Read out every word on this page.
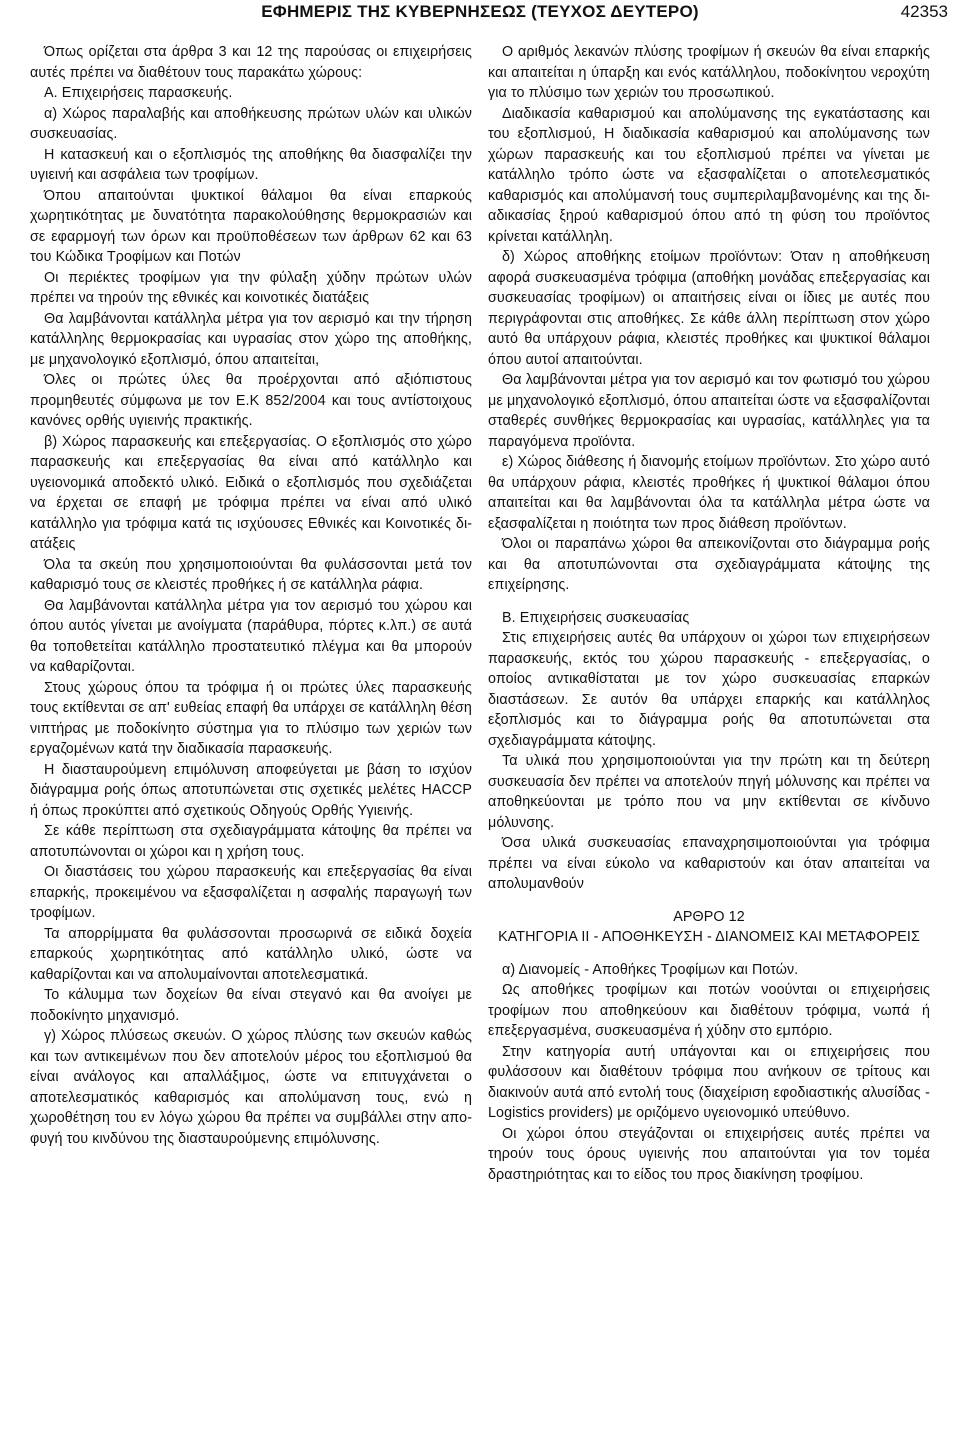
ΕΦΗΜΕΡΙΣ ΤΗΣ ΚΥΒΕΡΝΗΣΕΩΣ (ΤΕΥΧΟΣ ΔΕΥΤΕΡΟ)	42353

Όπως ορίζεται στα άρθρα 3 και 12 της παρούσας οι επιχειρήσεις αυτές πρέπει να διαθέτουν τους παρακάτω χώρους:

Α. Επιχειρήσεις παρασκευής.

α) Χώρος παραλαβής και αποθήκευσης πρώτων υλών και υλικών συσκευασίας.

Η κατασκευή και ο εξοπλισμός της αποθήκης θα διασφαλίζει την υγιεινή και ασφάλεια των τροφίμων.

Όπου απαιτούνται ψυκτικοί θάλαμοι θα είναι επαρκούς χωρητικότητας με δυνατότητα παρακολούθησης θερμοκρασιών και σε εφαρμογή των όρων και προϋποθέσεων των άρθρων 62 και 63 του Κώδικα Τροφίμων και Ποτών

Οι περιέκτες τροφίμων για την φύλαξη χύδην πρώτων υλών πρέπει να τηρούν της εθνικές και κοινοτικές διατάξεις

Θα λαμβάνονται κατάλληλα μέτρα για τον αερισμό και την τήρηση κατάλληλης θερμοκρασίας και υγρασίας στον χώρο της αποθήκης, με μηχανολογικό εξοπλισμό, όπου απαιτείται,

Όλες οι πρώτες ύλες θα προέρχονται από αξιόπιστους προμηθευτές σύμφωνα με τον Ε.Κ 852/2004 και τους αντίστοιχους κανόνες ορθής υγιεινής πρακτικής.

β) Χώρος παρασκευής και επεξεργασίας. Ο εξοπλισμός στο χώρο παρασκευής και επεξεργασίας θα είναι από κατάλληλο και υγειονομικά αποδεκτό υλικό. Ειδικά ο εξοπλισμός που σχεδιάζεται να έρχεται σε επαφή με τρόφιμα πρέπει να είναι από υλικό κατάλληλο για τρόφιμα κατά τις ισχύουσες Εθνικές και Κοινοτικές διατάξεις

Όλα τα σκεύη που χρησιμοποιούνται θα φυλάσσονται μετά τον καθαρισμό τους σε κλειστές προθήκες ή σε κατάλληλα ράφια.

Θα λαμβάνονται κατάλληλα μέτρα για τον αερισμό του χώρου και όπου αυτός γίνεται με ανοίγματα (παράθυρα, πόρτες κ.λπ.) σε αυτά θα τοποθετείται κατάλληλο προστατευτικό πλέγμα και θα μπορούν να καθαρίζονται.

Στους χώρους όπου τα τρόφιμα ή οι πρώτες ύλες παρασκευής τους εκτίθενται σε απ' ευθείας επαφή θα υπάρχει σε κατάλληλη θέση νιπτήρας με ποδοκίνητο σύστημα για το πλύσιμο των χεριών των εργαζομένων κατά την διαδικασία παρασκευής.

Η διασταυρούμενη επιμόλυνση αποφεύγεται με βάση το ισχύον διάγραμμα ροής όπως αποτυπώνεται στις σχετικές μελέτες HACCP ή όπως προκύπτει από σχετικούς Οδηγούς Ορθής Υγιεινής.

Σε κάθε περίπτωση στα σχεδιαγράμματα κάτοψης θα πρέπει να αποτυπώνονται οι χώροι και η χρήση τους.

Οι διαστάσεις του χώρου παρασκευής και επεξεργασίας θα είναι επαρκής, προκειμένου να εξασφαλίζεται η ασφαλής παραγωγή των τροφίμων.

Τα απορρίμματα θα φυλάσσονται προσωρινά σε ειδικά δοχεία επαρκούς χωρητικότητας από κατάλληλο υλικό, ώστε να καθαρίζονται και να απολυμαίνονται αποτελεσματικά.

Το κάλυμμα των δοχείων θα είναι στεγανό και θα ανοίγει με ποδοκίνητο μηχανισμό.

γ) Χώρος πλύσεως σκευών. Ο χώρος πλύσης των σκευών καθώς και των αντικειμένων που δεν αποτελούν μέρος του εξοπλισμού θα είναι ανάλογος και απαλλάξιμος, ώστε να επιτυγχάνεται ο αποτελεσματικός καθαρισμός και απολύμανση τους, ενώ η χωροθέτηση του εν λόγω χώρου θα πρέπει να συμβάλλει στην αποφυγή του κινδύνου της διασταυρούμενης επιμόλυνσης.

Ο αριθμός λεκανών πλύσης τροφίμων ή σκευών θα είναι επαρκής και απαιτείται η ύπαρξη και ενός κατάλληλου, ποδοκίνητου νεροχύτη για το πλύσιμο των χεριών του προσωπικού.

Διαδικασία καθαρισμού και απολύμανσης της εγκατάστασης και του εξοπλισμού, Η διαδικασία καθαρισμού και απολύμανσης των χώρων παρασκευής και του εξοπλισμού πρέπει να γίνεται με κατάλληλο τρόπο ώστε να εξασφαλίζεται ο αποτελεσματικός καθαρισμός και απολύμανσή τους συμπεριλαμβανομένης και της διαδικασίας ξηρού καθαρισμού όπου από τη φύση του προϊόντος κρίνεται κατάλληλη.

δ) Χώρος αποθήκης ετοίμων προϊόντων: Όταν η αποθήκευση αφορά συσκευασμένα τρόφιμα (αποθήκη μονάδας επεξεργασίας και συσκευασίας τροφίμων) οι απαιτήσεις είναι οι ίδιες με αυτές που περιγράφονται στις αποθήκες. Σε κάθε άλλη περίπτωση στον χώρο αυτό θα υπάρχουν ράφια, κλειστές προθήκες και ψυκτικοί θάλαμοι όπου αυτοί απαιτούνται.

Θα λαμβάνονται μέτρα για τον αερισμό και τον φωτισμό του χώρου με μηχανολογικό εξοπλισμό, όπου απαιτείται ώστε να εξασφαλίζονται σταθερές συνθήκες θερμοκρασίας και υγρασίας, κατάλληλες για τα παραγόμενα προϊόντα.

ε) Χώρος διάθεσης ή διανομής ετοίμων προϊόντων. Στο χώρο αυτό θα υπάρχουν ράφια, κλειστές προθήκες ή ψυκτικοί θάλαμοι όπου απαιτείται και θα λαμβάνονται όλα τα κατάλληλα μέτρα ώστε να εξασφαλίζεται η ποιότητα των προς διάθεση προϊόντων.

Όλοι οι παραπάνω χώροι θα απεικονίζονται στο διάγραμμα ροής και θα αποτυπώνονται στα σχεδιαγράμματα κάτοψης της επιχείρησης.

Β. Επιχειρήσεις συσκευασίας

Στις επιχειρήσεις αυτές θα υπάρχουν οι χώροι των επιχειρήσεων παρασκευής, εκτός του χώρου παρασκευής - επεξεργασίας, ο οποίος αντικαθίσταται με τον χώρο συσκευασίας επαρκών διαστάσεων. Σε αυτόν θα υπάρχει επαρκής και κατάλληλος εξοπλισμός και το διάγραμμα ροής θα αποτυπώνεται στα σχεδιαγράμματα κάτοψης.

Τα υλικά που χρησιμοποιούνται για την πρώτη και τη δεύτερη συσκευασία δεν πρέπει να αποτελούν πηγή μόλυνσης και πρέπει να αποθηκεύονται με τρόπο που να μην εκτίθενται σε κίνδυνο μόλυνσης.

Όσα υλικά συσκευασίας επαναχρησιμοποιούνται για τρόφιμα πρέπει να είναι εύκολο να καθαριστούν και όταν απαιτείται να απολυμανθούν

ΑΡΘΡΟ 12

ΚΑΤΗΓΟΡΙΑ ΙΙ - ΑΠΟΘΗΚΕΥΣΗ - ΔΙΑΝΟΜΕΙΣ ΚΑΙ ΜΕΤΑΦΟΡΕΙΣ

α) Διανομείς - Αποθήκες Τροφίμων και Ποτών.

Ως αποθήκες τροφίμων και ποτών νοούνται οι επιχειρήσεις τροφίμων που αποθηκεύουν και διαθέτουν τρόφιμα, νωπά ή επεξεργασμένα, συσκευασμένα ή χύδην στο εμπόριο.

Στην κατηγορία αυτή υπάγονται και οι επιχειρήσεις που φυλάσσουν και διαθέτουν τρόφιμα που ανήκουν σε τρίτους και διακινούν αυτά από εντολή τους (διαχείριση εφοδιαστικής αλυσίδας - Logistics providers) με οριζόμενο υγειονομικό υπεύθυνο.

Οι χώροι όπου στεγάζονται οι επιχειρήσεις αυτές πρέπει να τηρούν τους όρους υγιεινής που απαιτούνται για τον τομέα δραστηριότητας και το είδος του προς διακίνηση τροφίμου.
